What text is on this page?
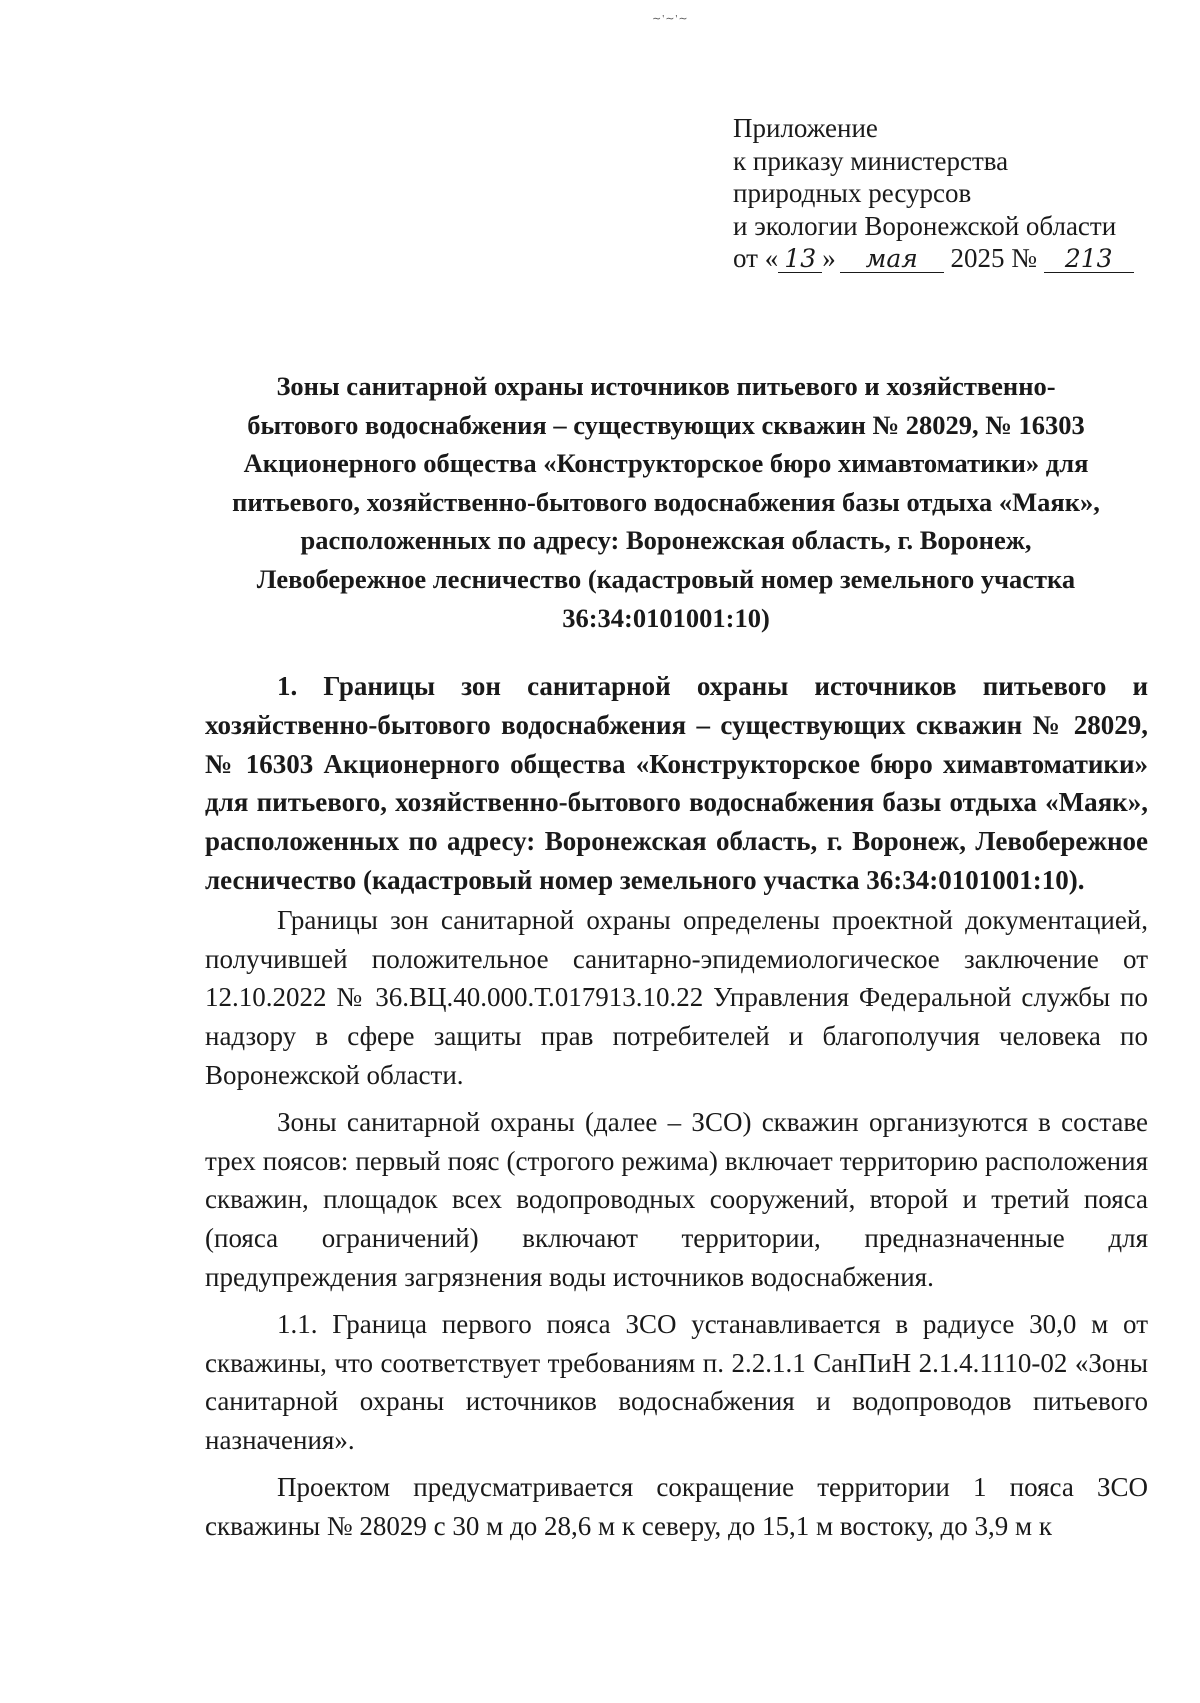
∼'∼'∼
Приложение
к приказу министерства
природных ресурсов
и экологии Воронежской области
от « 13 » мая 2025 № 213
Зоны санитарной охраны источников питьевого и хозяйственно-
бытового водоснабжения – существующих скважин № 28029, № 16303
Акционерного общества «Конструкторское бюро химавтоматики» для
питьевого, хозяйственно-бытового водоснабжения базы отдыха «Маяк»,
расположенных по адресу: Воронежская область, г. Воронеж,
Левобережное лесничество (кадастровый номер земельного участка
36:34:0101001:10)

1. Границы зон санитарной охраны источников питьевого и хозяйственно-бытового водоснабжения – существующих скважин № 28029, № 16303 Акционерного общества «Конструкторское бюро химавтоматики» для питьевого, хозяйственно-бытового водоснабжения базы отдыха «Маяк», расположенных по адресу: Воронежская область, г. Воронеж, Левобережное лесничество (кадастровый номер земельного участка 36:34:0101001:10).

Границы зон санитарной охраны определены проектной документацией, получившей положительное санитарно-эпидемиологическое заключение от 12.10.2022 № 36.ВЦ.40.000.Т.017913.10.22 Управления Федеральной службы по надзору в сфере защиты прав потребителей и благополучия человека по Воронежской области.

Зоны санитарной охраны (далее – ЗСО) скважин организуются в составе трех поясов: первый пояс (строгого режима) включает территорию расположения скважин, площадок всех водопроводных сооружений, второй и третий пояса (пояса ограничений) включают территории, предназначенные для предупреждения загрязнения воды источников водоснабжения.

1.1. Граница первого пояса ЗСО устанавливается в радиусе 30,0 м от скважины, что соответствует требованиям п. 2.2.1.1 СанПиН 2.1.4.1110-02 «Зоны санитарной охраны источников водоснабжения и водопроводов питьевого назначения».

Проектом предусматривается сокращение территории 1 пояса ЗСО скважины № 28029 с 30 м до 28,6 м к северу, до 15,1 м востоку, до 3,9 м к
